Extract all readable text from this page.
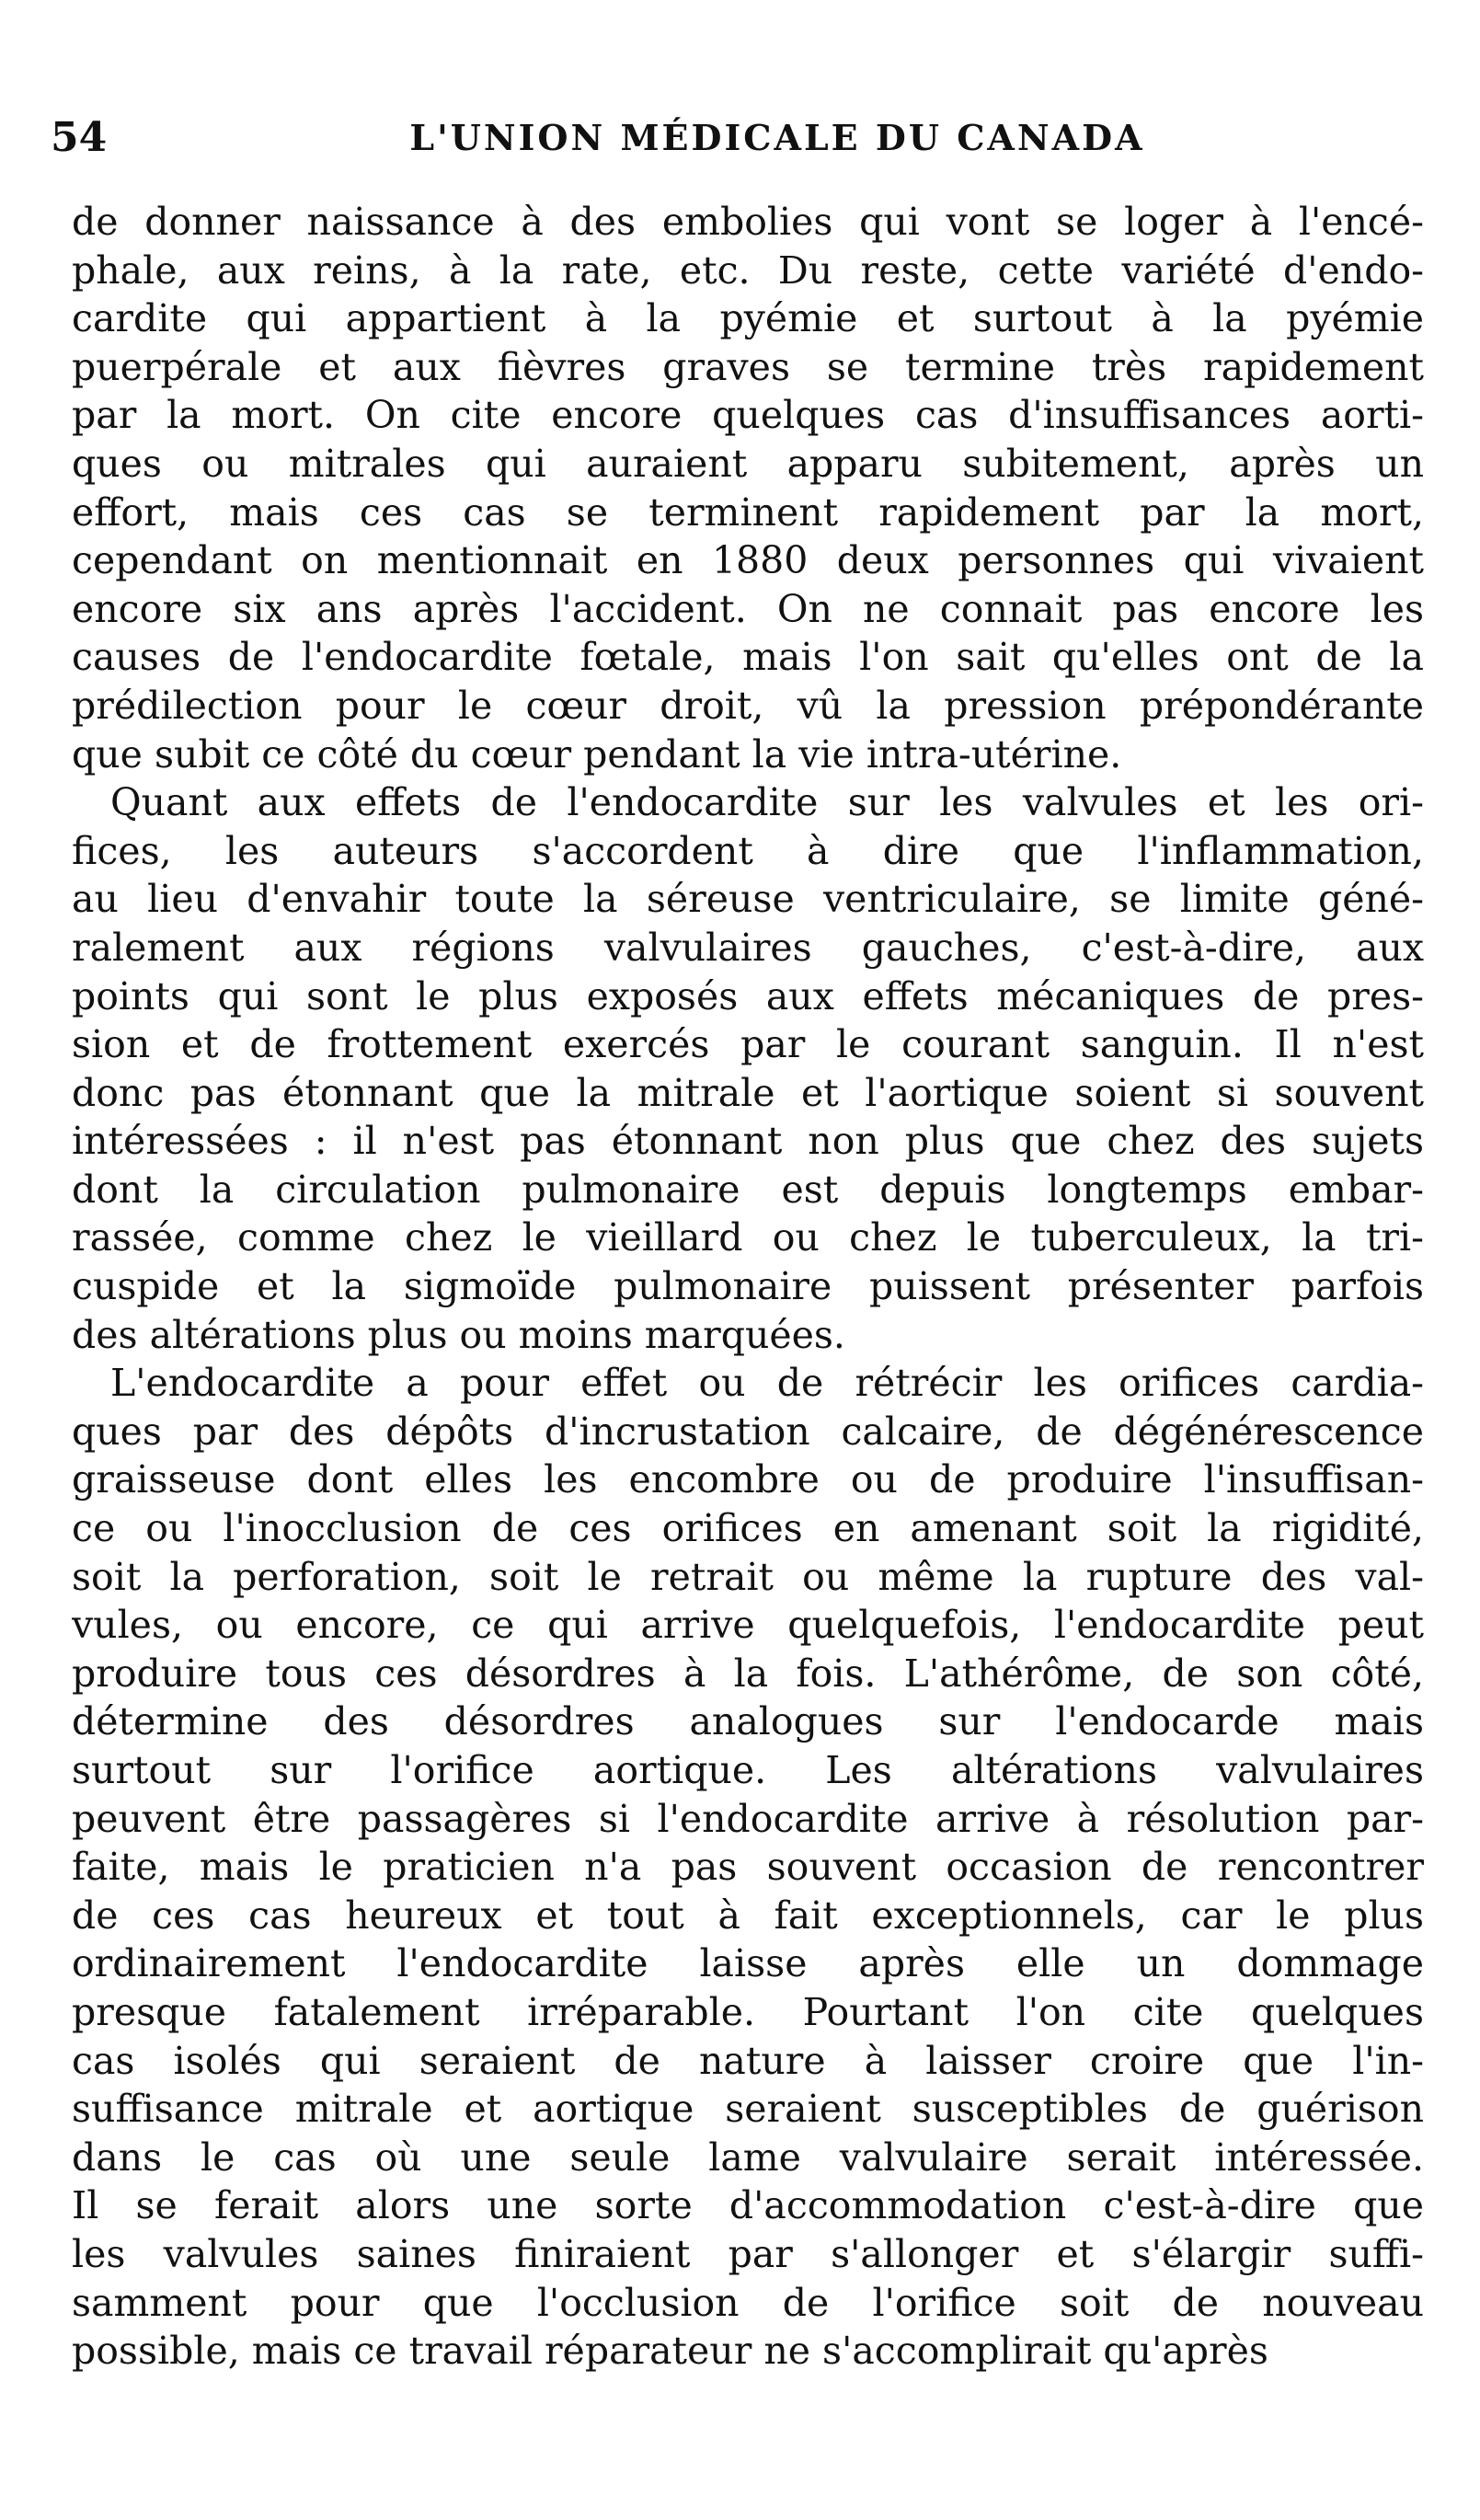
54	L'UNION MÉDICALE DU CANADA
de donner naissance à des embolies qui vont se loger à l'encé-
phale, aux reins, à la rate, etc. Du reste, cette variété d'endo-
cardite qui appartient à la pyémie et surtout à la pyémie
puerpérale et aux fièvres graves se termine très rapidement
par la mort. On cite encore quelques cas d'insuffisances aorti-
ques ou mitrales qui auraient apparu subitement, après un
effort, mais ces cas se terminent rapidement par la mort,
cependant on mentionnait en 1880 deux personnes qui vivaient
encore six ans après l'accident. On ne connait pas encore les
causes de l'endocardite fœtale, mais l'on sait qu'elles ont de la
prédilection pour le cœur droit, vû la pression prépondérante
que subit ce côté du cœur pendant la vie intra-utérine.
Quant aux effets de l'endocardite sur les valvules et les ori-
fices, les auteurs s'accordent à dire que l'inflammation,
au lieu d'envahir toute la séreuse ventriculaire, se limite géné-
ralement aux régions valvulaires gauches, c'est-à-dire, aux
points qui sont le plus exposés aux effets mécaniques de pres-
sion et de frottement exercés par le courant sanguin. Il n'est
donc pas étonnant que la mitrale et l'aortique soient si souvent
intéressées : il n'est pas étonnant non plus que chez des sujets
dont la circulation pulmonaire est depuis longtemps embar-
rassée, comme chez le vieillard ou chez le tuberculeux, la tri-
cuspide et la sigmoïde pulmonaire puissent présenter parfois
des altérations plus ou moins marquées.
L'endocardite a pour effet ou de rétrécir les orifices cardia-
ques par des dépôts d'incrustation calcaire, de dégénérescence
graisseuse dont elles les encombre ou de produire l'insuffisan-
ce ou l'inocclusion de ces orifices en amenant soit la rigidité,
soit la perforation, soit le retrait ou même la rupture des val-
vules, ou encore, ce qui arrive quelquefois, l'endocardite peut
produire tous ces désordres à la fois. L'athérôme, de son côté,
détermine des désordres analogues sur l'endocarde mais
surtout sur l'orifice aortique. Les altérations valvulaires
peuvent être passagères si l'endocardite arrive à résolution par-
faite, mais le praticien n'a pas souvent occasion de rencontrer
de ces cas heureux et tout à fait exceptionnels, car le plus
ordinairement l'endocardite laisse après elle un dommage
presque fatalement irréparable. Pourtant l'on cite quelques
cas isolés qui seraient de nature à laisser croire que l'in-
suffisance mitrale et aortique seraient susceptibles de guérison
dans le cas où une seule lame valvulaire serait intéressée.
Il se ferait alors une sorte d'accommodation c'est-à-dire que
les valvules saines finiraient par s'allonger et s'élargir suffi-
samment pour que l'occlusion de l'orifice soit de nouveau
possible, mais ce travail réparateur ne s'accomplirait qu'après
